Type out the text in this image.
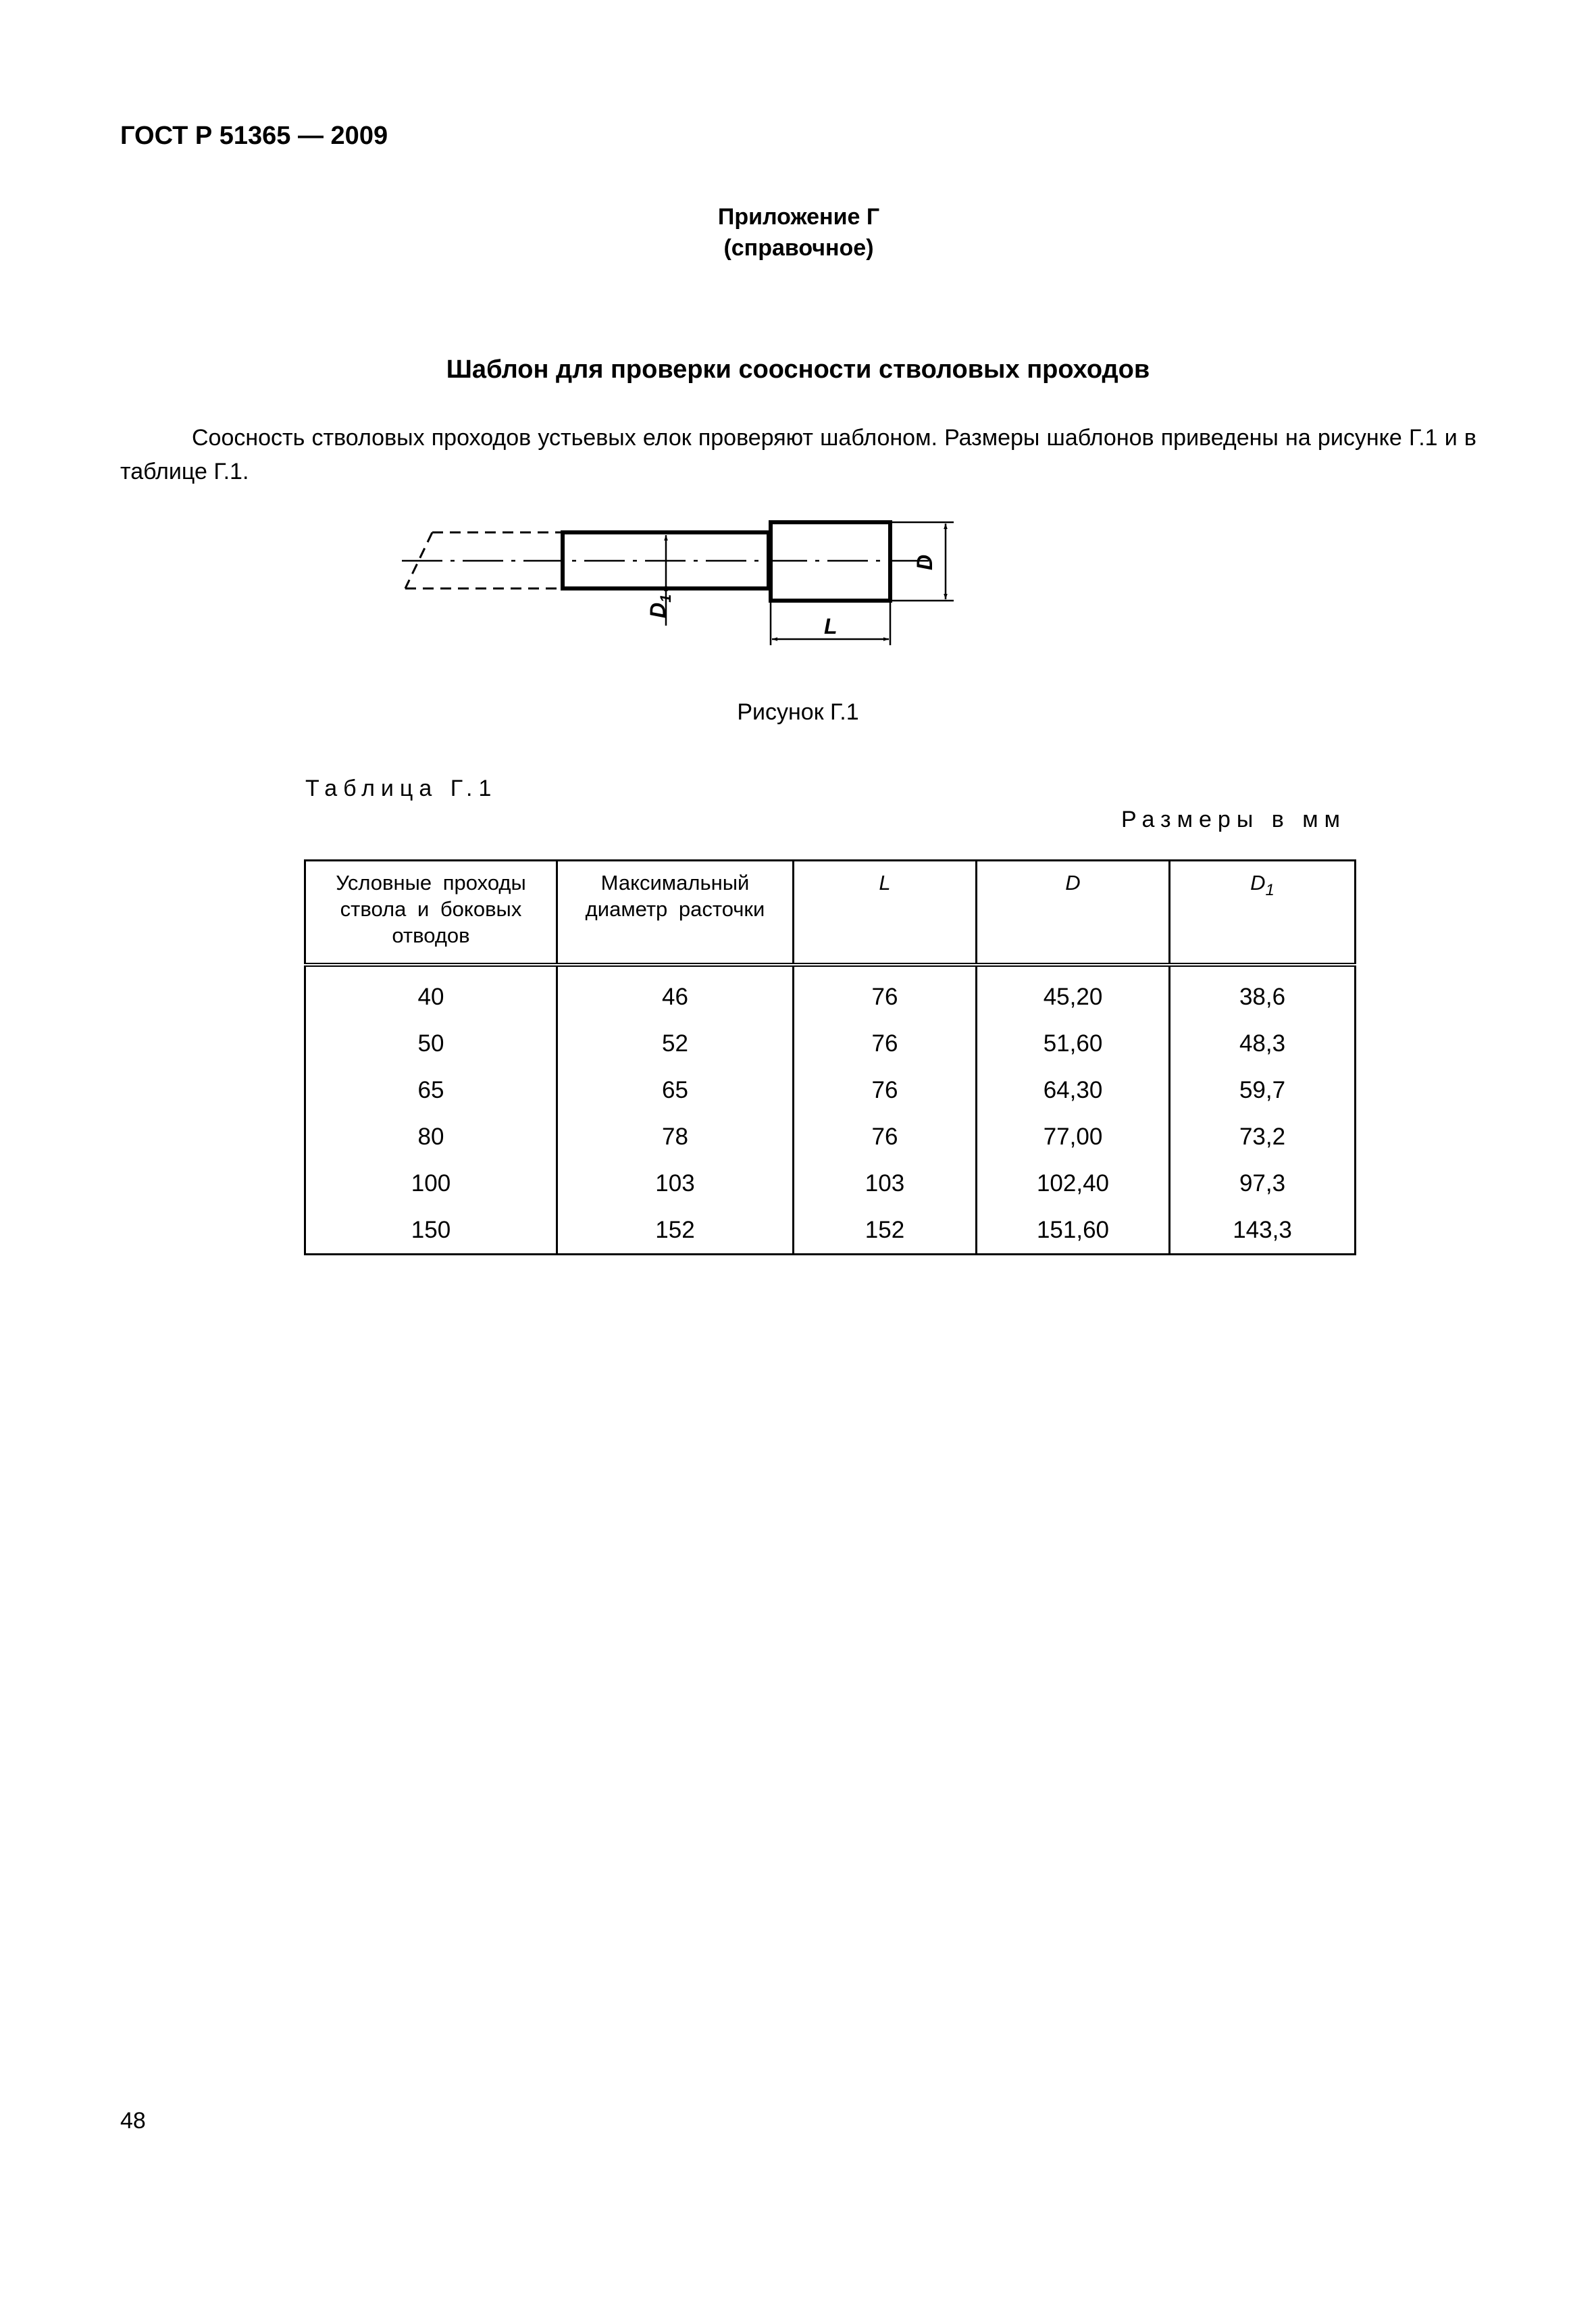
ГОСТ Р 51365 — 2009
Приложение Г
(справочное)
Шаблон для проверки соосности стволовых проходов
Соосность стволовых проходов устьевых елок проверяют шаблоном. Размеры шаблонов приведены на рисунке Г.1 и в таблице Г.1.
$D_1$
D
L
Рисунок Г.1
Таблица Г.1
Размеры в мм
Условные проходы ствола и боковых отводов	Максимальный диаметр расточки	L	D	$D_1$
40	46	76	45,20	38,6
50	52	76	51,60	48,3
65	65	76	64,30	59,7
80	78	76	77,00	73,2
100	103	103	102,40	97,3
150	152	152	151,60	143,3
48
